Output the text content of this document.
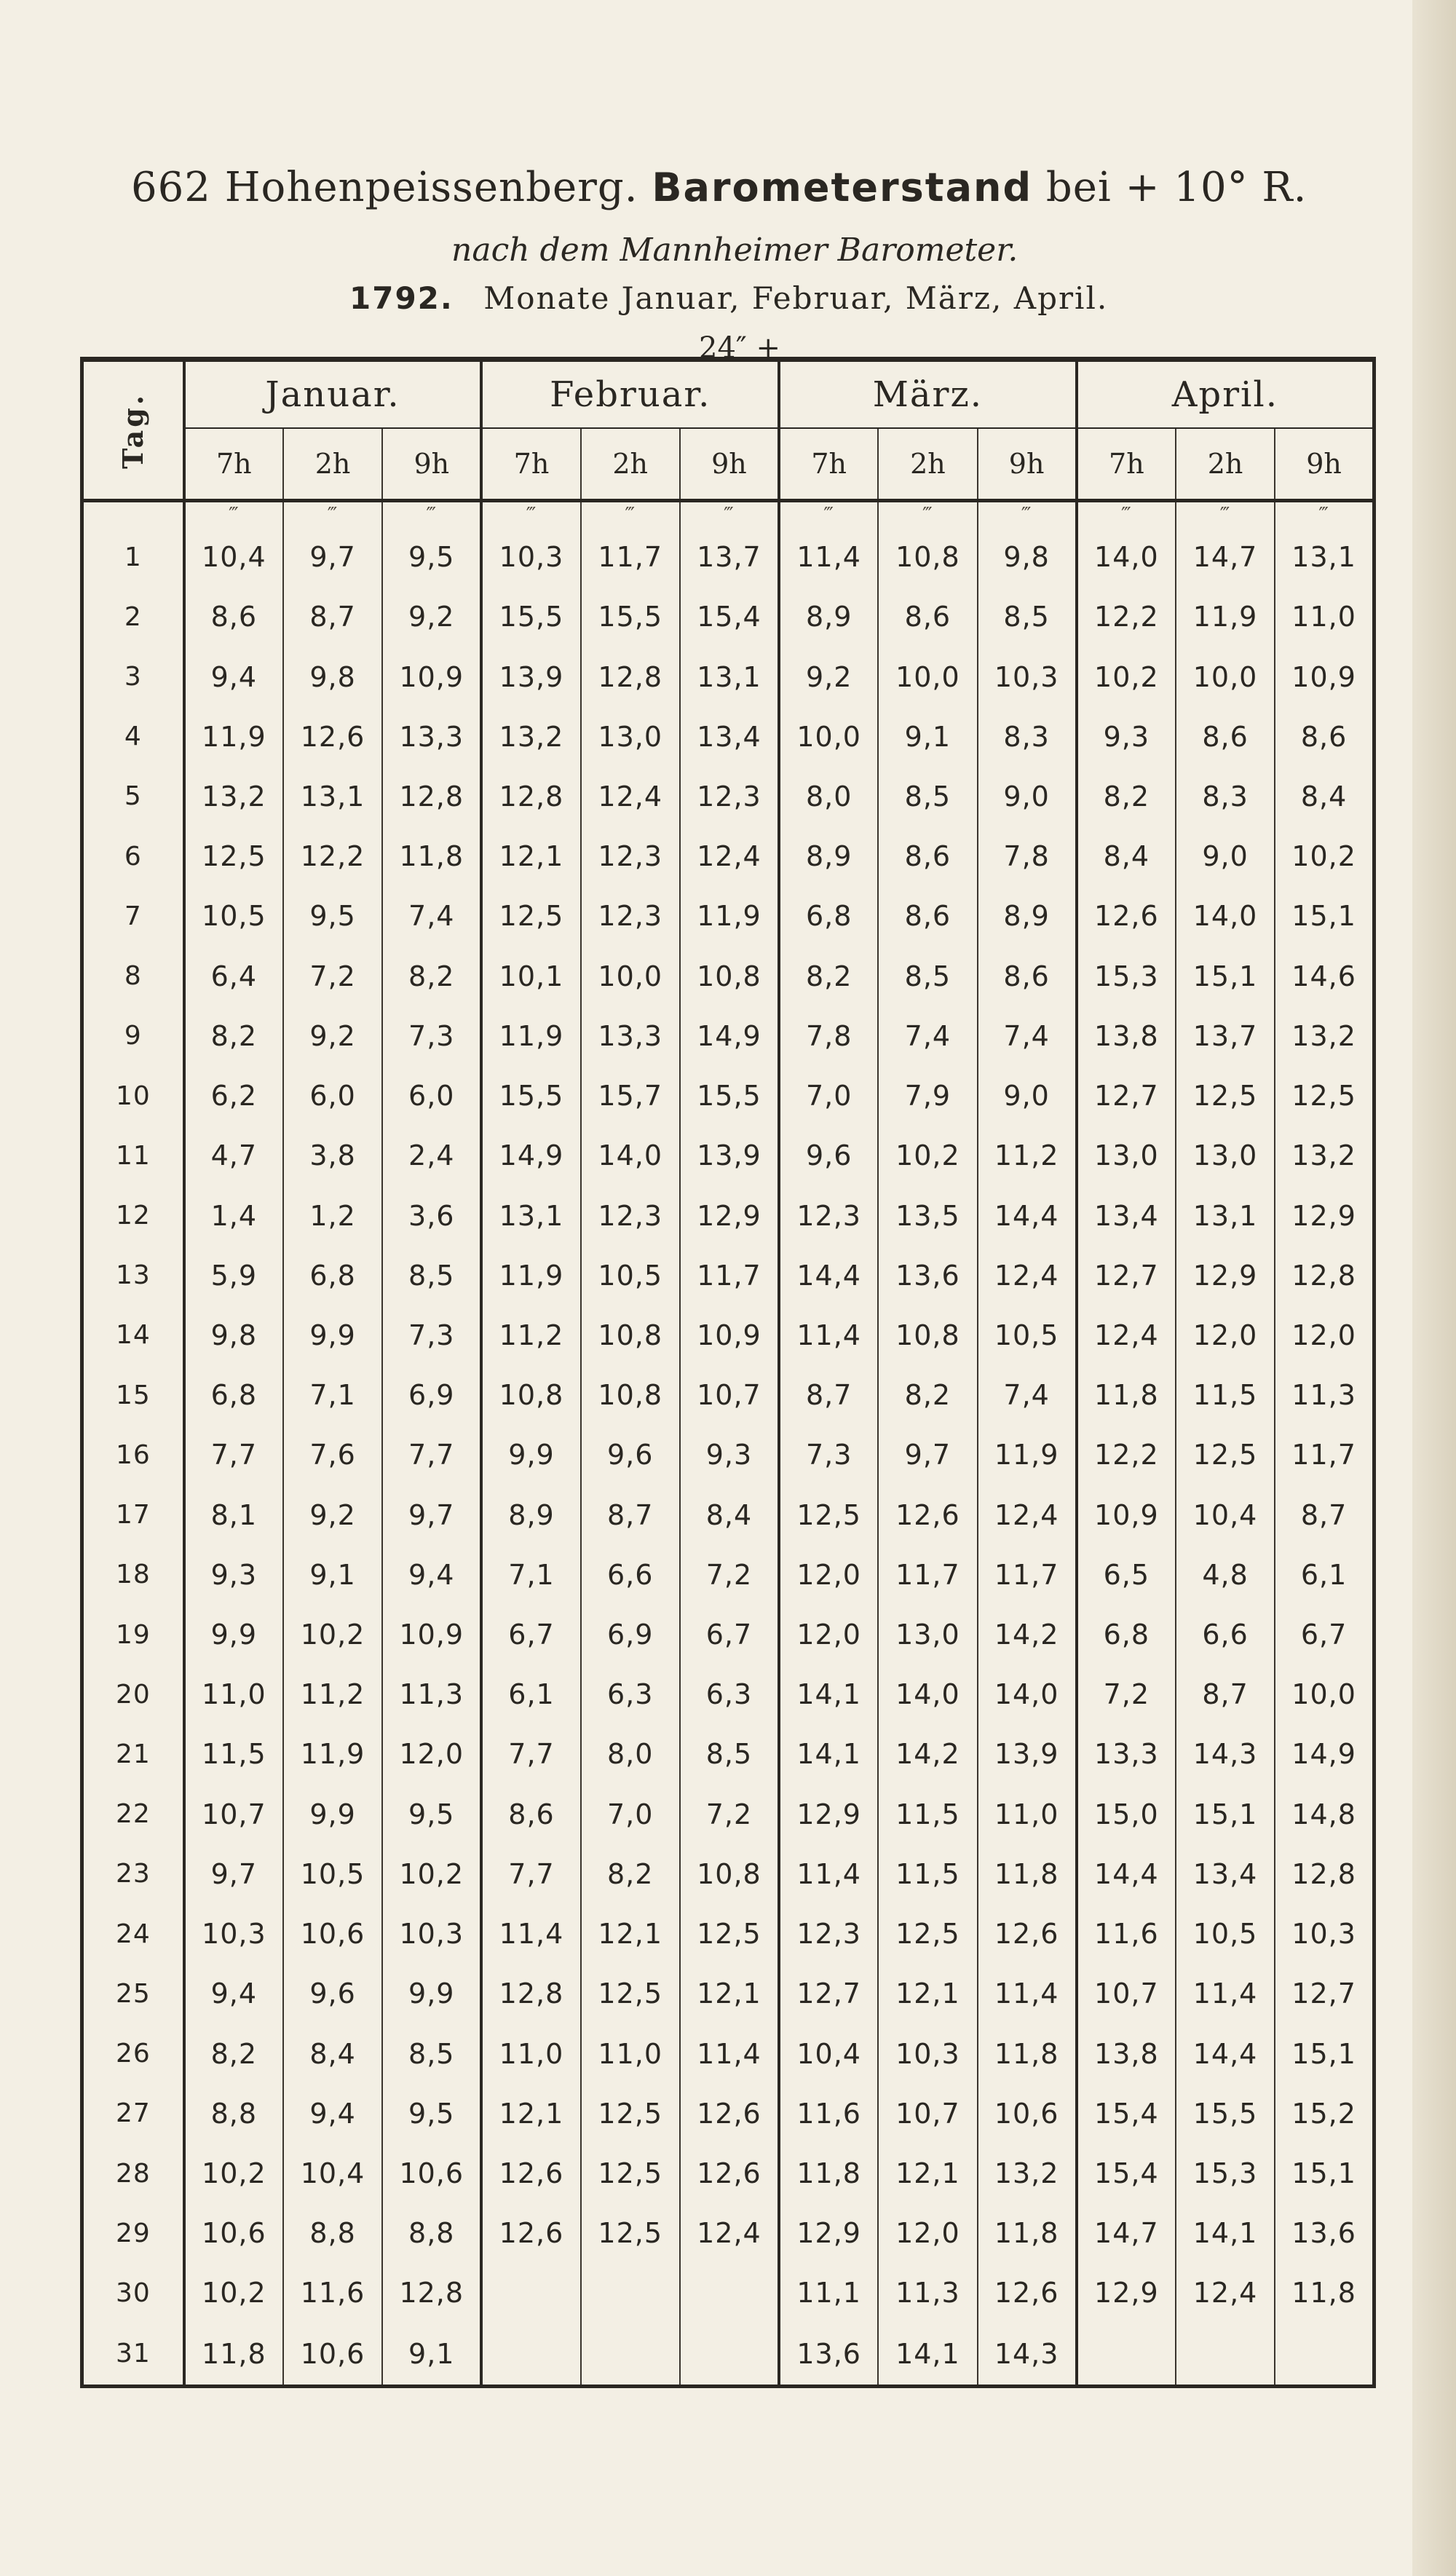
662 Hohenpeissenberg. Barometerstand bei + 10° R.
nach dem Mannheimer Barometer.
1792. Monate Januar, Februar, März, April.
24″ +
Tag.	Januar.			Februar.			März.			April.		
	7h	2h	9h	7h	2h	9h	7h	2h	9h	7h	2h	9h
	‴	‴	‴	‴	‴	‴	‴	‴	‴	‴	‴	‴
1	10,4	9,7	9,5	10,3	11,7	13,7	11,4	10,8	9,8	14,0	14,7	13,1
2	8,6	8,7	9,2	15,5	15,5	15,4	8,9	8,6	8,5	12,2	11,9	11,0
3	9,4	9,8	10,9	13,9	12,8	13,1	9,2	10,0	10,3	10,2	10,0	10,9
4	11,9	12,6	13,3	13,2	13,0	13,4	10,0	9,1	8,3	9,3	8,6	8,6
5	13,2	13,1	12,8	12,8	12,4	12,3	8,0	8,5	9,0	8,2	8,3	8,4
6	12,5	12,2	11,8	12,1	12,3	12,4	8,9	8,6	7,8	8,4	9,0	10,2
7	10,5	9,5	7,4	12,5	12,3	11,9	6,8	8,6	8,9	12,6	14,0	15,1
8	6,4	7,2	8,2	10,1	10,0	10,8	8,2	8,5	8,6	15,3	15,1	14,6
9	8,2	9,2	7,3	11,9	13,3	14,9	7,8	7,4	7,4	13,8	13,7	13,2
10	6,2	6,0	6,0	15,5	15,7	15,5	7,0	7,9	9,0	12,7	12,5	12,5
11	4,7	3,8	2,4	14,9	14,0	13,9	9,6	10,2	11,2	13,0	13,0	13,2
12	1,4	1,2	3,6	13,1	12,3	12,9	12,3	13,5	14,4	13,4	13,1	12,9
13	5,9	6,8	8,5	11,9	10,5	11,7	14,4	13,6	12,4	12,7	12,9	12,8
14	9,8	9,9	7,3	11,2	10,8	10,9	11,4	10,8	10,5	12,4	12,0	12,0
15	6,8	7,1	6,9	10,8	10,8	10,7	8,7	8,2	7,4	11,8	11,5	11,3
16	7,7	7,6	7,7	9,9	9,6	9,3	7,3	9,7	11,9	12,2	12,5	11,7
17	8,1	9,2	9,7	8,9	8,7	8,4	12,5	12,6	12,4	10,9	10,4	8,7
18	9,3	9,1	9,4	7,1	6,6	7,2	12,0	11,7	11,7	6,5	4,8	6,1
19	9,9	10,2	10,9	6,7	6,9	6,7	12,0	13,0	14,2	6,8	6,6	6,7
20	11,0	11,2	11,3	6,1	6,3	6,3	14,1	14,0	14,0	7,2	8,7	10,0
21	11,5	11,9	12,0	7,7	8,0	8,5	14,1	14,2	13,9	13,3	14,3	14,9
22	10,7	9,9	9,5	8,6	7,0	7,2	12,9	11,5	11,0	15,0	15,1	14,8
23	9,7	10,5	10,2	7,7	8,2	10,8	11,4	11,5	11,8	14,4	13,4	12,8
24	10,3	10,6	10,3	11,4	12,1	12,5	12,3	12,5	12,6	11,6	10,5	10,3
25	9,4	9,6	9,9	12,8	12,5	12,1	12,7	12,1	11,4	10,7	11,4	12,7
26	8,2	8,4	8,5	11,0	11,0	11,4	10,4	10,3	11,8	13,8	14,4	15,1
27	8,8	9,4	9,5	12,1	12,5	12,6	11,6	10,7	10,6	15,4	15,5	15,2
28	10,2	10,4	10,6	12,6	12,5	12,6	11,8	12,1	13,2	15,4	15,3	15,1
29	10,6	8,8	8,8	12,6	12,5	12,4	12,9	12,0	11,8	14,7	14,1	13,6
30	10,2	11,6	12,8				11,1	11,3	12,6	12,9	12,4	11,8
31	11,8	10,6	9,1				13,6	14,1	14,3			
